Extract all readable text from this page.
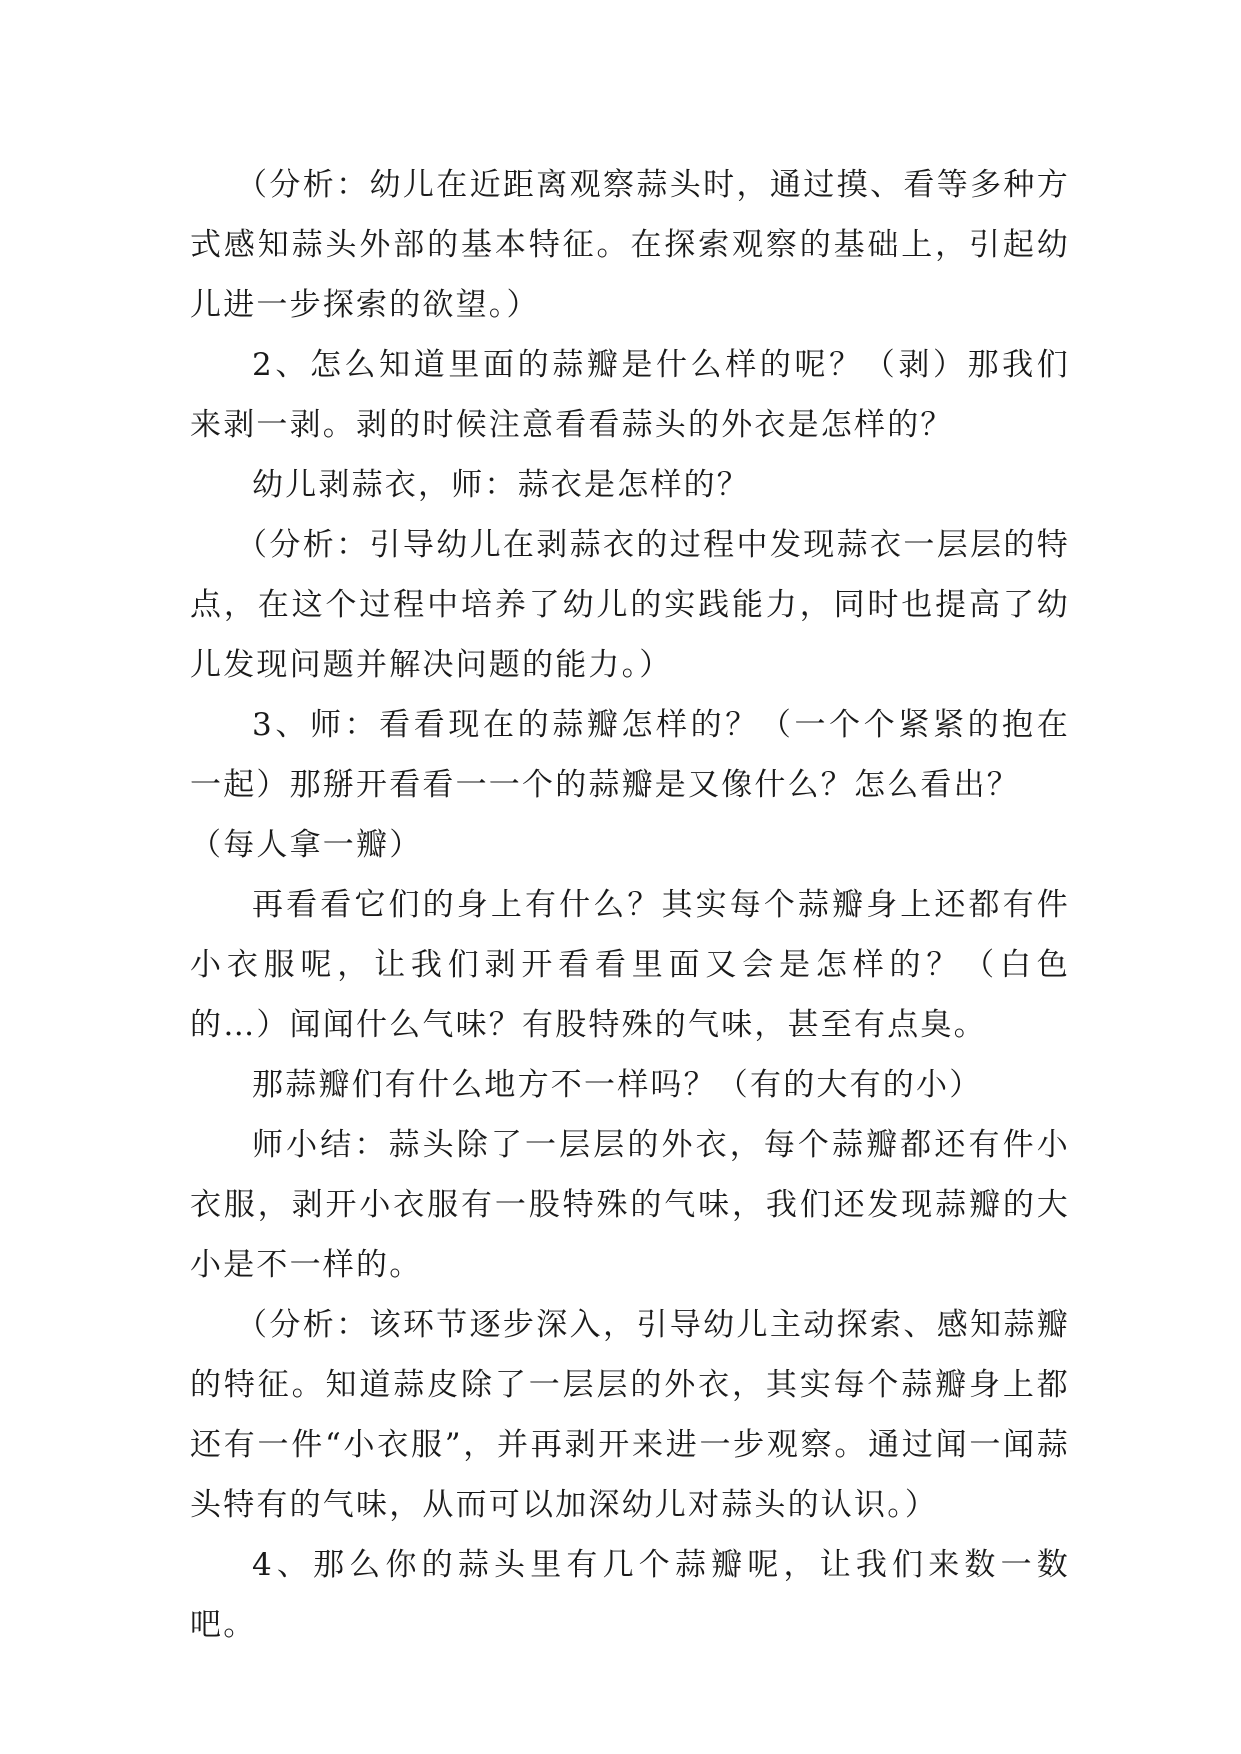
（分析：幼儿在近距离观察蒜头时，通过摸、看等多种方式感知蒜头外部的基本特征。在探索观察的基础上，引起幼儿进一步探索的欲望。）

2、怎么知道里面的蒜瓣是什么样的呢？（剥）那我们来剥一剥。剥的时候注意看看蒜头的外衣是怎样的？

幼儿剥蒜衣，师：蒜衣是怎样的？

（分析：引导幼儿在剥蒜衣的过程中发现蒜衣一层层的特点，在这个过程中培养了幼儿的实践能力，同时也提高了幼儿发现问题并解决问题的能力。）

3、师：看看现在的蒜瓣怎样的？（一个个紧紧的抱在一起）那掰开看看一一个的蒜瓣是又像什么？怎么看出？

（每人拿一瓣）

再看看它们的身上有什么？其实每个蒜瓣身上还都有件小衣服呢，让我们剥开看看里面又会是怎样的？（白色的…）闻闻什么气味？有股特殊的气味，甚至有点臭。

那蒜瓣们有什么地方不一样吗？（有的大有的小）

师小结：蒜头除了一层层的外衣，每个蒜瓣都还有件小衣服，剥开小衣服有一股特殊的气味，我们还发现蒜瓣的大小是不一样的。

（分析：该环节逐步深入，引导幼儿主动探索、感知蒜瓣的特征。知道蒜皮除了一层层的外衣，其实每个蒜瓣身上都还有一件“小衣服”，并再剥开来进一步观察。通过闻一闻蒜头特有的气味，从而可以加深幼儿对蒜头的认识。）

4、那么你的蒜头里有几个蒜瓣呢，让我们来数一数吧。
